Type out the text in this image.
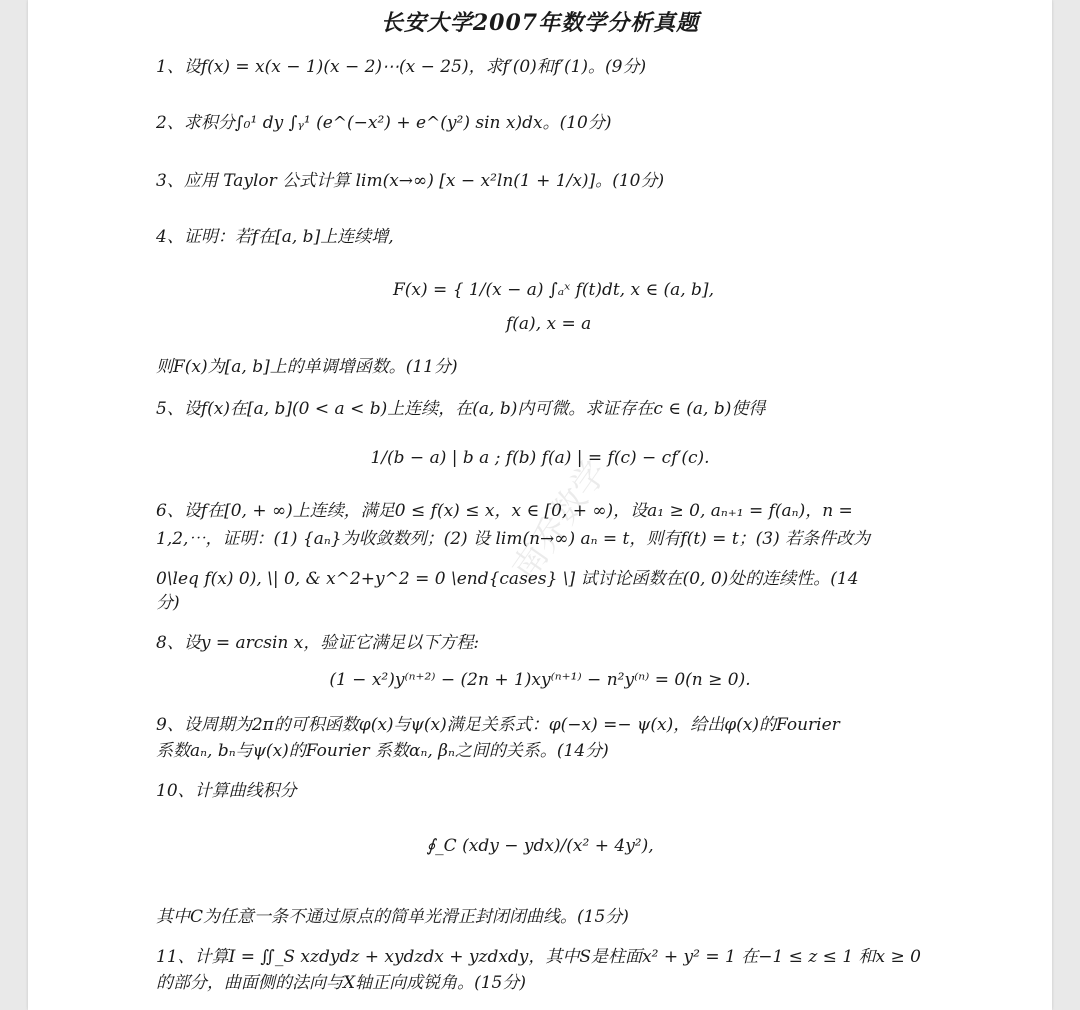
长安大学2007年数学分析真题
1、设f(x) = x(x − 1)(x − 2)⋯(x − 25)，求f′(0)和f′(1)。(9分)
2、求积分∫₀¹ dy ∫ᵧ¹ (e^(−x²) + e^(y²) sin x)dx。(10分)
3、应用 Taylor 公式计算 lim(x→∞) [x − x²ln(1 + 1/x)]。(10分)
4、证明：若f在[a, b]上连续增,
F(x) = { 1/(x − a) ∫ₐˣ f(t)dt, x ∈ (a, b],
f(a), x = a
则F(x)为[a, b]上的单调增函数。(11分)
5、设f(x)在[a, b](0 < a < b)上连续，在(a, b)内可微。求证存在c ∈ (a, b)使得
1/(b − a) | b a ; f(b) f(a) | = f(c) − cf′(c).
6、设f在[0, + ∞)上连续，满足0 ≤ f(x) ≤ x，x ∈ [0, + ∞)，设a₁ ≥ 0, aₙ₊₁ = f(aₙ)，n =
1,2,⋯，证明：(1) {aₙ}为收敛数列；(2) 设 lim(n→∞) aₙ = t，则有f(t) = t；(3) 若条件改为
0\leq f(x) 0), \| 0, & x^2+y^2 = 0 \end{cases} \] 试讨论函数在(0, 0)处的连续性。(14
分)
8、设y = arcsin x，验证它满足以下方程:
(1 − x²)y⁽ⁿ⁺²⁾ − (2n + 1)xy⁽ⁿ⁺¹⁾ − n²y⁽ⁿ⁾ = 0(n ≥ 0).
9、设周期为2π的可积函数φ(x)与ψ(x)满足关系式：φ(−x) =− ψ(x)，给出φ(x)的Fourier
系数aₙ, bₙ与ψ(x)的Fourier 系数αₙ, βₙ之间的关系。(14分)
10、计算曲线积分
∮_C (xdy − ydx)/(x² + 4y²),
其中C为任意一条不通过原点的简单光滑正封闭闭曲线。(15分)
11、计算I = ∬_S xzdydz + xydzdx + yzdxdy，其中S是柱面x² + y² = 1 在−1 ≤ z ≤ 1 和x ≥ 0
的部分，曲面侧的法向与X轴正向成锐角。(15分)
南乔数学
